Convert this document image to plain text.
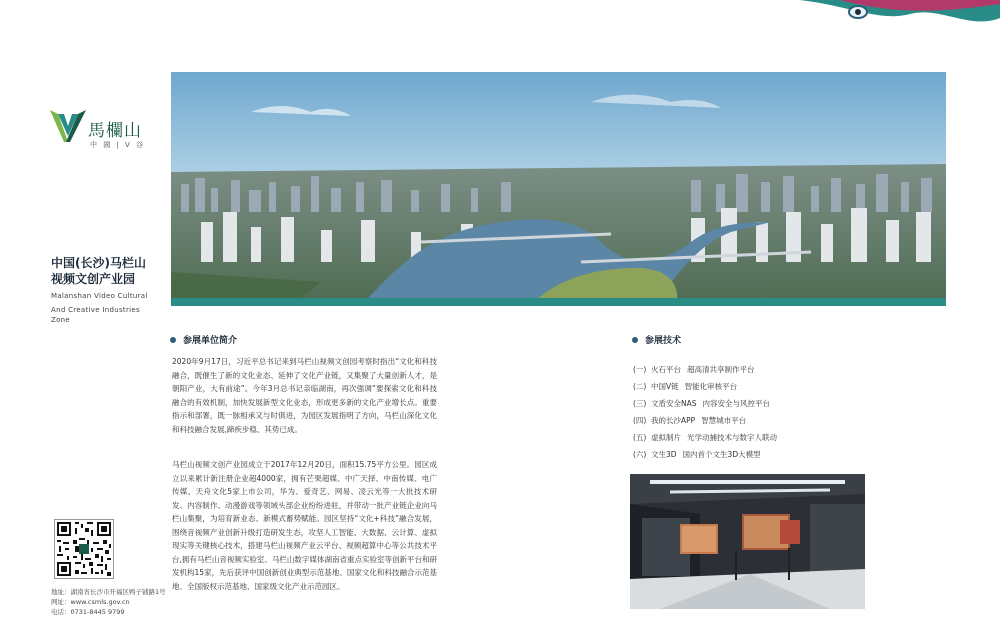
馬欄山
中 國 | V 谷
中国(长沙)马栏山
视频文创产业园
Malanshan Video Cultural
And Creative Industries Zone
地址：湖南省长沙市开福区鸭子铺路1号
网址：www.csmls.gov.cn
电话：0731-8445 9799
参展单位简介

2020年9月17日，习近平总书记来到马栏山视频文创园考察时指出“文化和科技融合，既催生了新的文化业态、延伸了文化产业链，又集聚了大量创新人才，是朝阳产业，大有前途”。今年3月总书记亲临湖南，再次强调“要探索文化和科技融合的有效机制，加快发展新型文化业态，形成更多新的文化产业增长点。重要指示和部署，既一脉相承又与时俱进，为园区发展指明了方向，马栏山深化文化和科技融合发展,蹄疾步稳、其势已成。

马栏山视频文创产业园成立于2017年12月20日，面积15.75平方公里。园区成立以来累计新注册企业超4000家，拥有芒果超媒、中广天择、中南传媒、电广传媒、天舟文化5家上市公司，华为、爱奇艺、网易、凌云光等一大批技术研发、内容制作、动漫游戏等领域头部企业纷纷进驻，并带动一批产业链企业向马栏山集聚，为培育新业态、新模式蓄势赋能。园区坚持“文化+科技”融合发展，围绕音视频产业创新升级打造研发生态，攻坚人工智能、大数据、云计算、虚拟现实等关键核心技术，搭建马栏山视频产业云平台、视频超算中心等公共技术平台,拥有马栏山音视频实验室、马栏山数字媒体湖南省重点实验室等创新平台和研发机构15家，先后获评中国创新创业典型示范基地、国家文化和科技融合示范基地、全国版权示范基地、国家级文化产业示范园区。

参展技术
(一) 火石平台 超高清共享制作平台
(二) 中国V链 智能化审核平台
(三) 文盾安全NAS 内容安全与风控平台
(四) 我的长沙APP 智慧城市平台
(五) 虚拟制片 光学动捕技术与数字人联动
(六) 文生3D 国内首个文生3D大模型
